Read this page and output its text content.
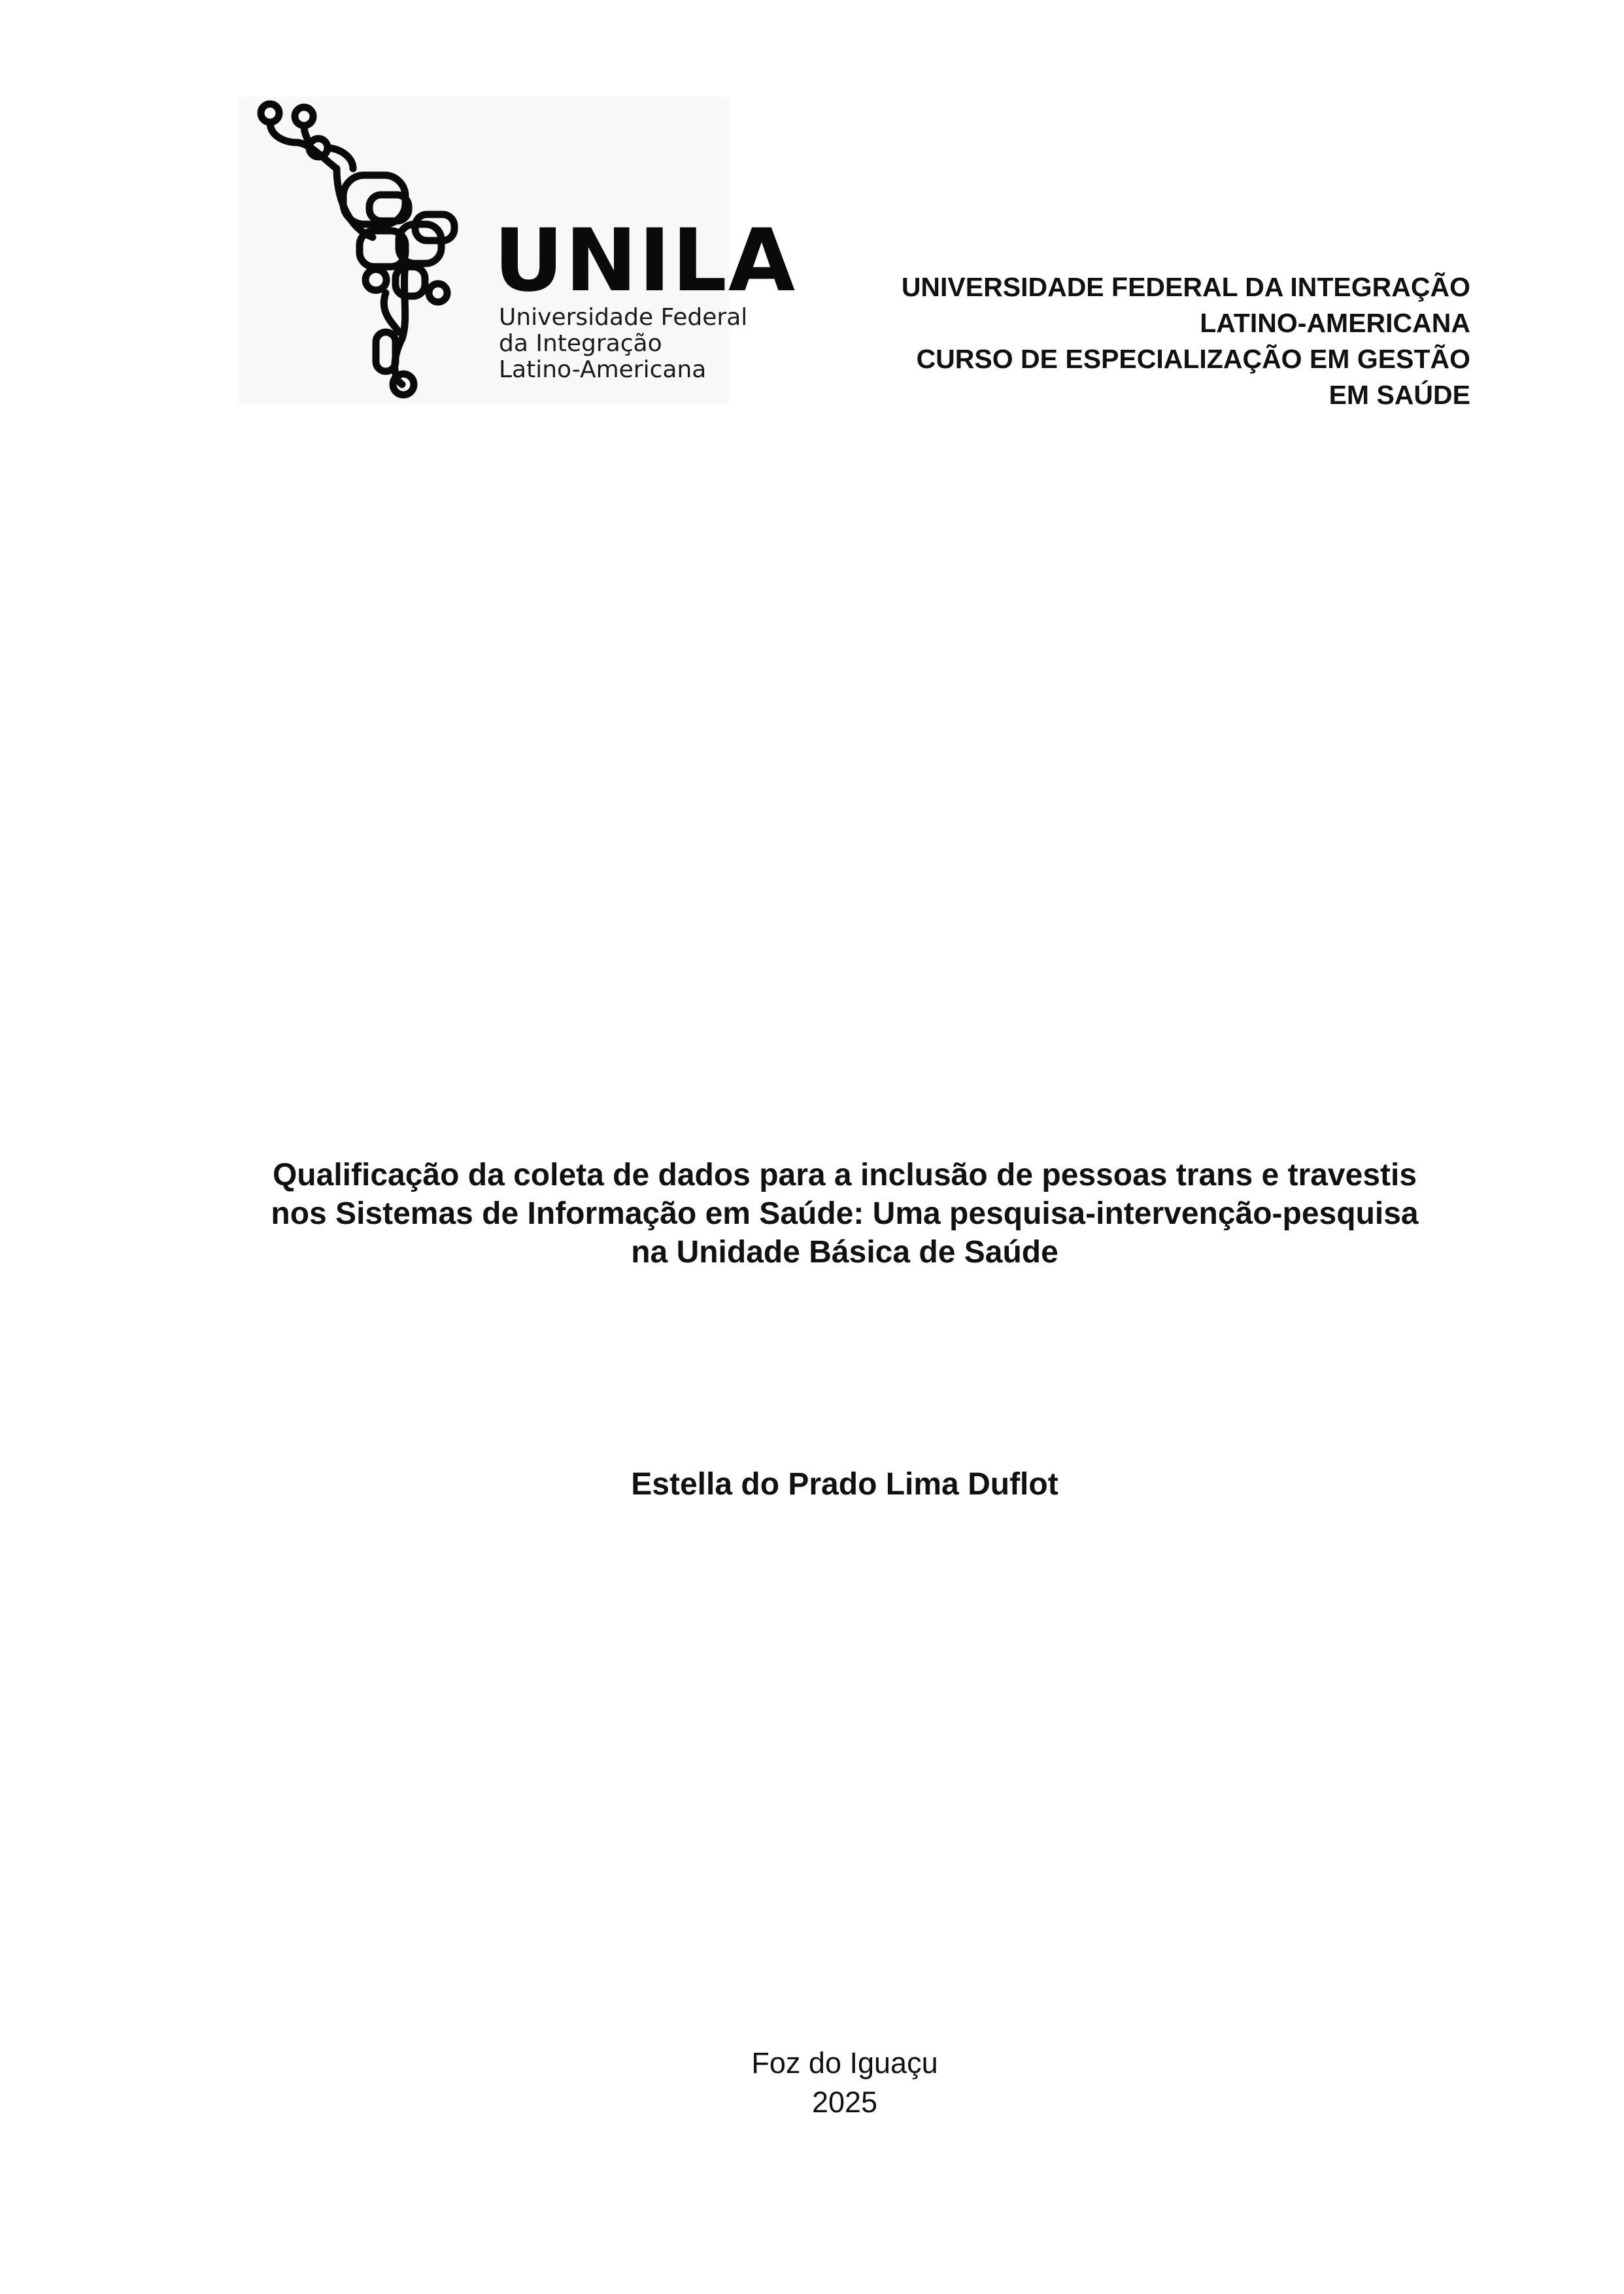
UNILA
Universidade Federal
da Integração
Latino-Americana
UNIVERSIDADE FEDERAL DA INTEGRAÇÃO
LATINO-AMERICANA
CURSO DE ESPECIALIZAÇÃO EM GESTÃO
EM SAÚDE
Qualificação da coleta de dados para a inclusão de pessoas trans e travestis
nos Sistemas de Informação em Saúde: Uma pesquisa-intervenção-pesquisa
na Unidade Básica de Saúde
Estella do Prado Lima Duflot
Foz do Iguaçu
2025
